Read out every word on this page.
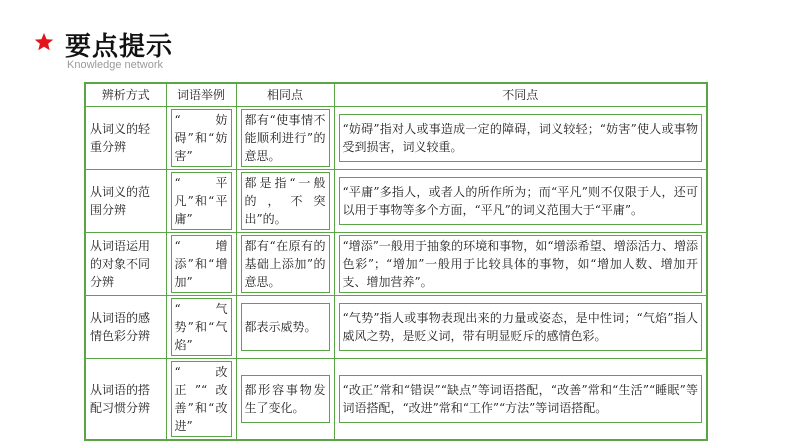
要点提示
Knowledge network
辨析方式	词语举例	相同点	不同点
从词义的轻重分辨	“妨碍”和“妨害”	都有“使事情不能顺利进行”的意思。	“妨碍”指对人或事造成一定的障碍，词义较轻；“妨害”使人或事物受到损害，词义较重。

从词义的范围分辨	“平凡”和“平庸”	都是指“一般的，不突出”的。	“平庸”多指人，或者人的所作所为；而“平凡”则不仅限于人，还可以用于事物等多个方面，“平凡”的词义范围大于“平庸”。

从词语运用的对象不同分辨	“增添”和“增加”	都有“在原有的基础上添加”的意思。	“增添”一般用于抽象的环境和事物，如“增添希望、增添活力、增添色彩”；“增加”一般用于比较具体的事物，如“增加人数、增加开支、增加营养”。

从词语的感情色彩分辨	“气势”和“气焰”	都表示威势。	“气势”指人或事物表现出来的力量或姿态，是中性词；“气焰”指人威风之势，是贬义词，带有明显贬斥的感情色彩。

从词语的搭配习惯分辨	“改正”“改善”和“改进”	都形容事物发生了变化。	“改正”常和“错误”“缺点”等词语搭配，“改善”常和“生活”“睡眠”等词语搭配，“改进”常和“工作”“方法”等词语搭配。
